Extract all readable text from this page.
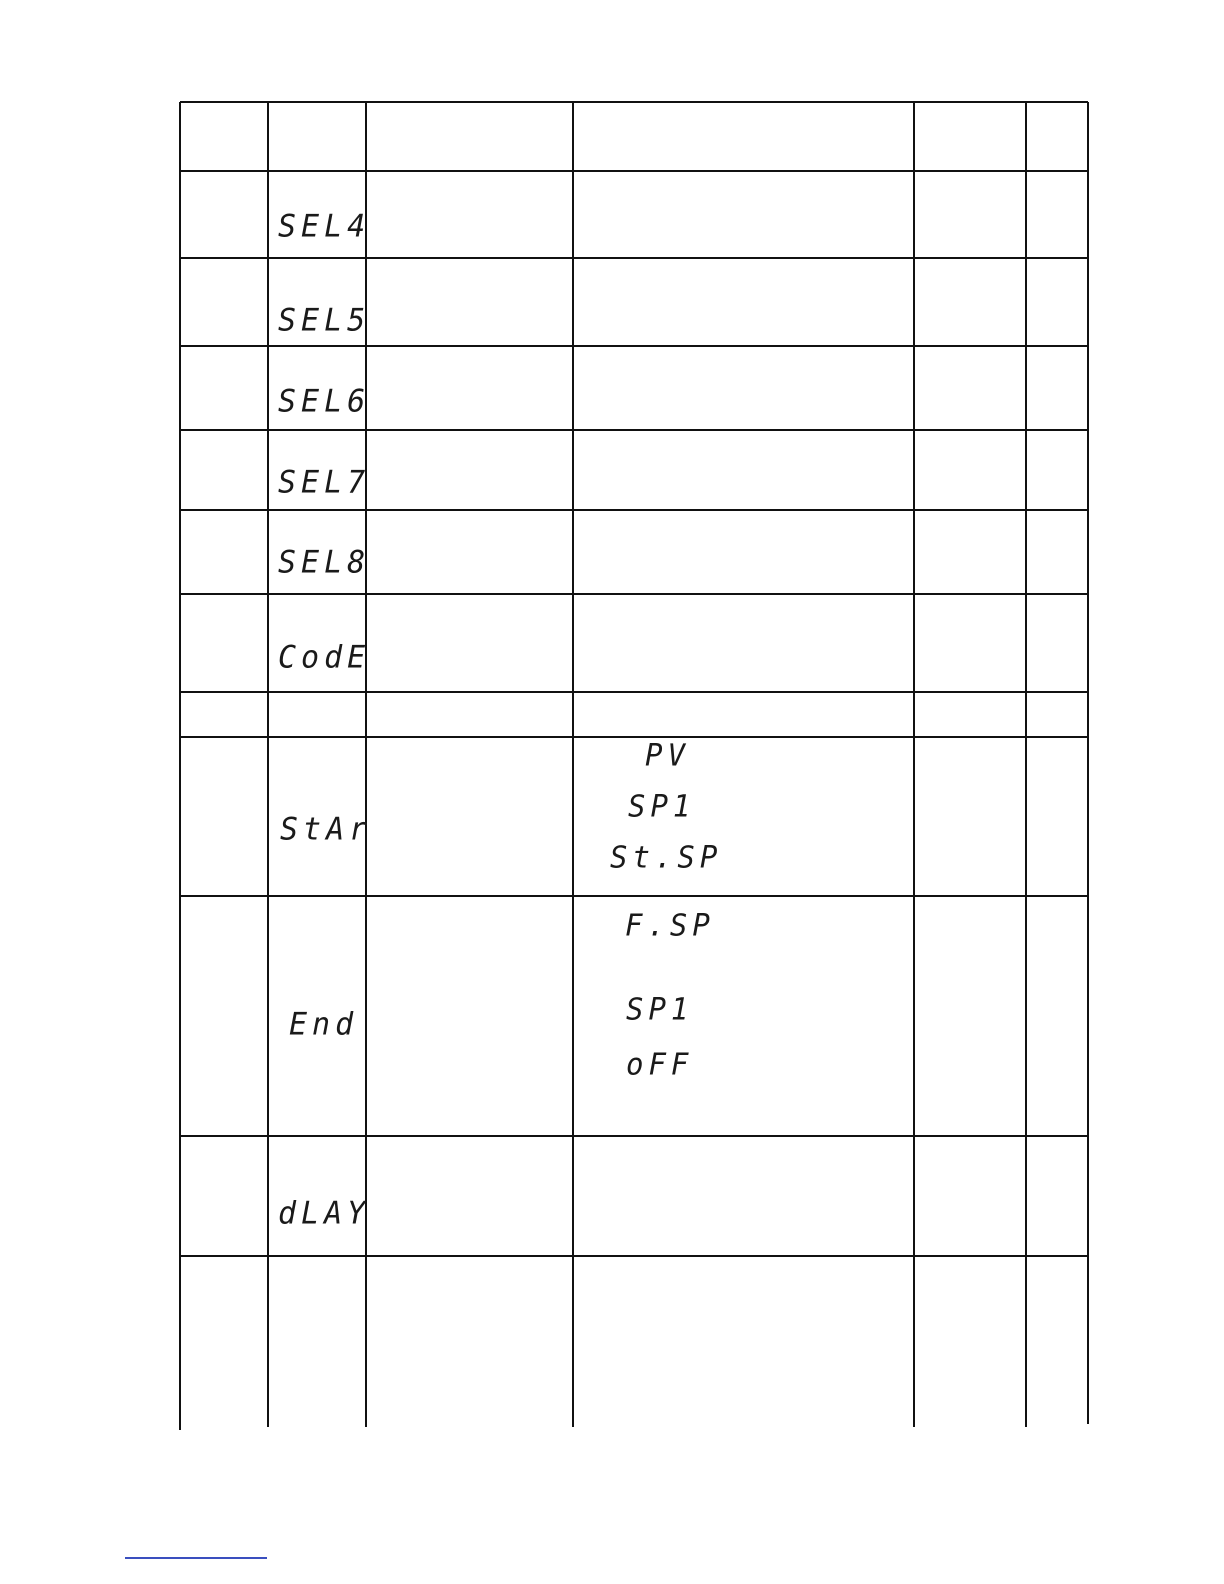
SEL4
SEL5
SEL6
SEL7
SEL8
CodE
StAr
End
dLAY
PV
SP1
St.SP
F.SP
SP1
oFF
